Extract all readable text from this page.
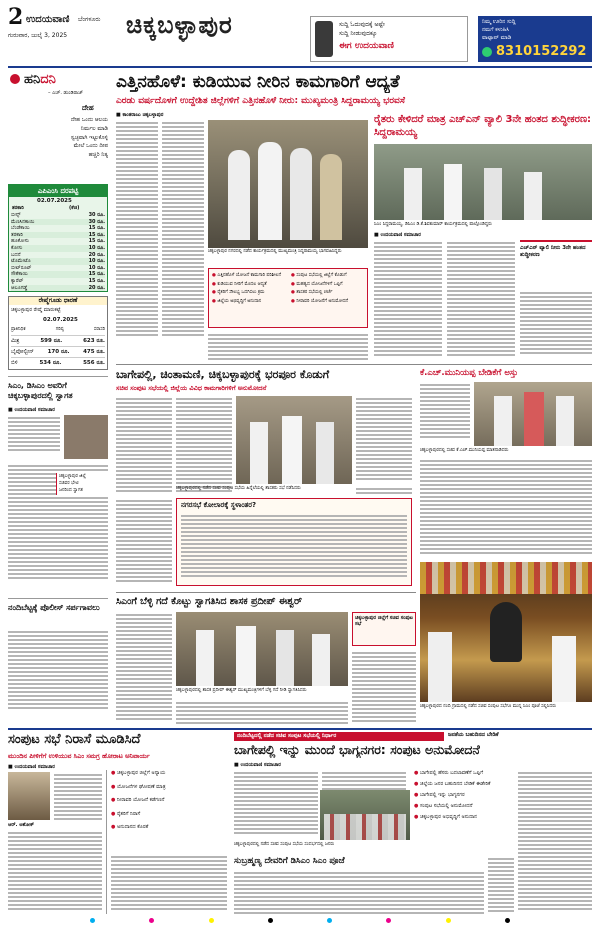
2 ಉದಯವಾಣಿ ಬೆಂಗಳೂರು
ಗುರುವಾರ, ಜುಲೈ 3, 2025 ಚಿಕ್ಕಬಳ್ಳಾಪುರ	ಸುದ್ದಿ ಓದುವುದಕ್ಕೆ ಅಷ್ಟೇ
ಸುದ್ದಿ ನೀಡುವುದಕ್ಕೂ
ಈಗ ಉದಯವಾಣಿ
ನಿಮ್ಮ ಊರಿನ ಸುದ್ದಿ
ನಮಗೆ ಕಳುಹಿಸಿ
ವಾಟ್ಸಾಪ್ ಮಾಡಿ
8310152292
ಹನಿದನಿ
– ಎಚ್. ಡುಂಡಿರಾಜ್
ದೇಹ
ದೇಹ ಒಂದು ಆಲಯ
ನಿರ್ಮಲ ಮಾಡಿ
ಸ್ವಚ್ಛವಾಗಿ ಇಟ್ಟುಕೊಳ್ಳಿ
ಮೇಲೆ ಒಂದು ದೀಪ
ಹಚ್ಚಿರಿ ನಿತ್ಯ
ಎಪಿಎಂಸಿ ದರಪಟ್ಟಿ
02.07.2025
ತರಕಾರಿ	(ಕೆಜಿ)
ಬೀನ್ಸ್	30 ರೂ.
ಮೆಣಸಿನಕಾಯಿ	30 ರೂ.
ಬೆಂಡೆಕಾಯಿ	15 ರೂ.
ತರಕಾರಿ	15 ರೂ.
ಹೂಕೋಸು	15 ರೂ.
ಕೋಸು	10 ರೂ.
ಬದನೆ	20 ರೂ.
ಟೊಮೇಟೊ	10 ರೂ.
ಬೀಟ್‌ರೂಟ್	10 ರೂ.
ಸೌತೆಕಾಯಿ	15 ರೂ.
ಕ್ಯಾರೆಟ್	15 ರೂ.
ಆಲೂಗಡ್ಡೆ	20 ರೂ.
ರೇಷ್ಮೆಗೂಡು ಧಾರಣೆ
ಚಿಕ್ಕಬಳ್ಳಾಪುರ ರೇಷ್ಮೆ ಮಾರುಕಟ್ಟೆ
02.07.2025
ಪ್ರಾತಿನಿಧಿಕ	ಗರಿಷ್ಠ	ಸರಾಸರಿ
ಮಿಶ್ರ	599 ರೂ.	623 ರೂ.
ಬೈವೋಲ್ಟೀನ್ 170 ರೂ. 475 ರೂ.
ಬಿಳಿ	534 ರೂ.	556 ರೂ.
ಸಿಎಂ, ಡಿಸಿಎಂ ಅವರಿಗೆ ಚಿಕ್ಕಬಳ್ಳಾಪುರದಲ್ಲಿ ಸ್ವಾಗತ
■ ಉದಯವಾಣಿ ಸಮಾಚಾರ
ಚಿಕ್ಕಬಳ್ಳಾಪುರ ಜಿಲ್ಲೆ
ಸಚಿವರ ಭೇಟಿ
ಜನರಿಂದ ಸ್ವಾಗತ
ನಂದಿಬೆಟ್ಟಕ್ಕೆ ಪೊಲೀಸ್ ಸರ್ಪಗಾವಲು
ಎತ್ತಿನಹೊಳೆ: ಕುಡಿಯುವ ನೀರಿನ ಕಾಮಗಾರಿಗೆ ಆದ್ಯತೆ
ಎರಡು ವರ್ಷದೊಳಗೆ ಉದ್ದೇಶಿತ ಜಿಲ್ಲೆಗಳಿಗೆ ಎತ್ತಿನಹೊಳೆ ನೀರು: ಮುಖ್ಯಮಂತ್ರಿ ಸಿದ್ದರಾಮಯ್ಯ ಭರವಸೆ
■ ಕಾಂತರಾಜು ಚಿಕ್ಕಬಳ್ಳಾಪುರ
ಚಿಕ್ಕಬಳ್ಳಾಪುರ ನಗರದಲ್ಲಿ ನಡೆದ ಕಾರ್ಯಕ್ರಮದಲ್ಲಿ ಮುಖ್ಯಮಂತ್ರಿ ಸಿದ್ದರಾಮಯ್ಯ ಭಾಗವಹಿಸಿದ್ದರು
● ಎತ್ತಿನಹೊಳೆ ಯೋಜನೆ ಕಾಮಗಾರಿ ಪರಿಶೀಲನೆ
● ಕುಡಿಯುವ ನೀರಿಗೆ ಮೊದಲ ಆದ್ಯತೆ
● ರೈತರಿಗೆ ಸೌಲಭ್ಯ ಒದಗಿಸಲು ಕ್ರಮ
● ಜಿಲ್ಲೆಯ ಅಭಿವೃದ್ಧಿಗೆ ಅನುದಾನ
● ಸಂಪುಟ ಸಭೆಯಲ್ಲಿ ಜಿಲ್ಲೆಗೆ ಕೊಡುಗೆ
● ಮಹತ್ವದ ಯೋಜನೆಗಳಿಗೆ ಒಪ್ಪಿಗೆ
● ಶಾಸಕರ ಸಭೆಯಲ್ಲಿ ಚರ್ಚೆ
● ನೀರಾವರಿ ಯೋಜನೆಗೆ ಅನುಮೋದನೆ
ರೈತರು ಕೇಳಿದರೆ ಮಾತ್ರ ಎಚ್‌ಎನ್‌ ವ್ಯಾಲಿ 3ನೇ ಹಂತದ ಶುದ್ಧೀಕರಣ: ಸಿದ್ದರಾಮಯ್ಯ
ಸಿಎಂ ಸಿದ್ದರಾಮಯ್ಯ, ಡಿಸಿಎಂ ಡಿ.ಕೆ.ಶಿವಕುಮಾರ್ ಕಾರ್ಯಕ್ರಮದಲ್ಲಿ ಪಾಲ್ಗೊಂಡಿದ್ದರು
■ ಉದಯವಾಣಿ ಸಮಾಚಾರ
ಎಚ್‌ಎನ್ ವ್ಯಾಲಿ ನೀರು 3ನೇ ಹಂತದ ಶುದ್ಧೀಕರಣ
ಬಾಗೇಪಲ್ಲಿ, ಚಿಂತಾಮಣಿ, ಚಿಕ್ಕಬಳ್ಳಾಪುರಕ್ಕೆ ಭರಪೂರ ಕೊಡುಗೆ
ಸಚಿವ ಸಂಪುಟ ಸಭೆಯಲ್ಲಿ ಜಿಲ್ಲೆಯ ವಿವಿಧ ಕಾಮಗಾರಿಗಳಿಗೆ ಅನುಮೋದನೆ
ಚಿಕ್ಕಬಳ್ಳಾಪುರದಲ್ಲಿ ನಡೆದ ಸಚಿವ ಸಂಪುಟ ಸಭೆಯ ಹಿನ್ನೆಲೆಯಲ್ಲಿ ಶಾಸಕರು ಸಭೆ ನಡೆಸಿದರು
ನಗರಸಭೆ ಕೋಲಾರಕ್ಕೆ ಸ್ಥಳಾಂತರ?
ಕೆ.ಎಚ್.ಮುನಿಯಪ್ಪ ಬೇಡಿಕೆಗೆ ಅಸ್ತು
ಚಿಕ್ಕಬಳ್ಳಾಪುರದಲ್ಲಿ ಸಚಿವ ಕೆ.ಎಚ್.ಮುನಿಯಪ್ಪ ಮಾತನಾಡಿದರು
ಸಿಎಂಗೆ ಬೆಳ್ಳಿ ಗದೆ ಕೊಟ್ಟು ಸ್ವಾಗತಿಸಿದ ಶಾಸಕ ಪ್ರದೀಪ್ ಈಶ್ವರ್
ಚಿಕ್ಕಬಳ್ಳಾಪುರ ಜಿಲ್ಲೆಗೆ ಸಚಿವ ಸಂಪುಟ ಸಭೆ
ಚಿಕ್ಕಬಳ್ಳಾಪುರದಲ್ಲಿ ಶಾಸಕ ಪ್ರದೀಪ್ ಈಶ್ವರ್ ಮುಖ್ಯಮಂತ್ರಿಗಳಿಗೆ ಬೆಳ್ಳಿ ಗದೆ ನೀಡಿ ಸ್ವಾಗತಿಸಿದರು
ಚಿಕ್ಕಬಳ್ಳಾಪುರದ ನಂದಿ ಗ್ರಾಮದಲ್ಲಿ ನಡೆದ ಸಚಿವ ಸಂಪುಟ ಸಭೆಗೂ ಮುನ್ನ ಸಿಎಂ ಪೂಜೆ ಸಲ್ಲಿಸಿದರು
ಸಂಪುಟ ಸಭೆ ನಿರಾಸೆ ಮೂಡಿಸಿದೆ
ಮುಂದಿನ ಪೀಳಿಗೆಗೆ ಉಳಿಯುವ ಸಿಎಂ ಸಮಗ್ರ ಹೋರಾಟ ಅನಿವಾರ್ಯ
■ ಉದಯವಾಣಿ ಸಮಾಚಾರ
ಆರ್. ಅಶೋಕ್
● ಚಿಕ್ಕಬಳ್ಳಾಪುರ ಜಿಲ್ಲೆಗೆ ಅನ್ಯಾಯ
● ಯೋಜನೆಗಳ ಘೋಷಣೆ ಮಾತ್ರ
● ನೀರಾವರಿ ಯೋಜನೆ ಕಡೆಗಣನೆ
● ರೈತರಿಗೆ ನಿರಾಸೆ
● ಅನುದಾನದ ಕೊರತೆ
ನಂದಿಬೆಟ್ಟದಲ್ಲಿ ನಡೆದ ಸಚಿವ ಸಂಪುಟ ಸಭೆಯಲ್ಲಿ ನಿರ್ಧಾರ	ಜನತೆಯ ಬಹುದಿನದ ಬೇಡಿಕೆ
ಬಾಗೇಪಲ್ಲಿ ಇನ್ನು ಮುಂದೆ ಭಾಗ್ಯನಗರ: ಸಂಪುಟ ಅನುಮೋದನೆ
■ ಉದಯವಾಣಿ ಸಮಾಚಾರ
ಚಿಕ್ಕಬಳ್ಳಾಪುರದಲ್ಲಿ ನಡೆದ ಸಚಿವ ಸಂಪುಟ ಸಭೆಯ ಸಂದರ್ಭದಲ್ಲಿ ಜನರು
ಸುಬ್ರಹ್ಮಣ್ಯ ದೇವರಿಗೆ ಡಿಸಿಎಂ ಸಿಎಂ ಪೂಜೆ
● ಬಾಗೇಪಲ್ಲಿ ಹೆಸರು ಬದಲಾವಣೆಗೆ ಒಪ್ಪಿಗೆ
● ಜಿಲ್ಲೆಯ ಜನರ ಬಹುದಿನದ ಬೇಡಿಕೆ ಈಡೇರಿಕೆ
● ಬಾಗೇಪಲ್ಲಿ ಇನ್ನು ಭಾಗ್ಯನಗರ
● ಸಂಪುಟ ಸಭೆಯಲ್ಲಿ ಅನುಮೋದನೆ
● ಚಿಕ್ಕಬಳ್ಳಾಪುರ ಅಭಿವೃದ್ಧಿಗೆ ಅನುದಾನ
